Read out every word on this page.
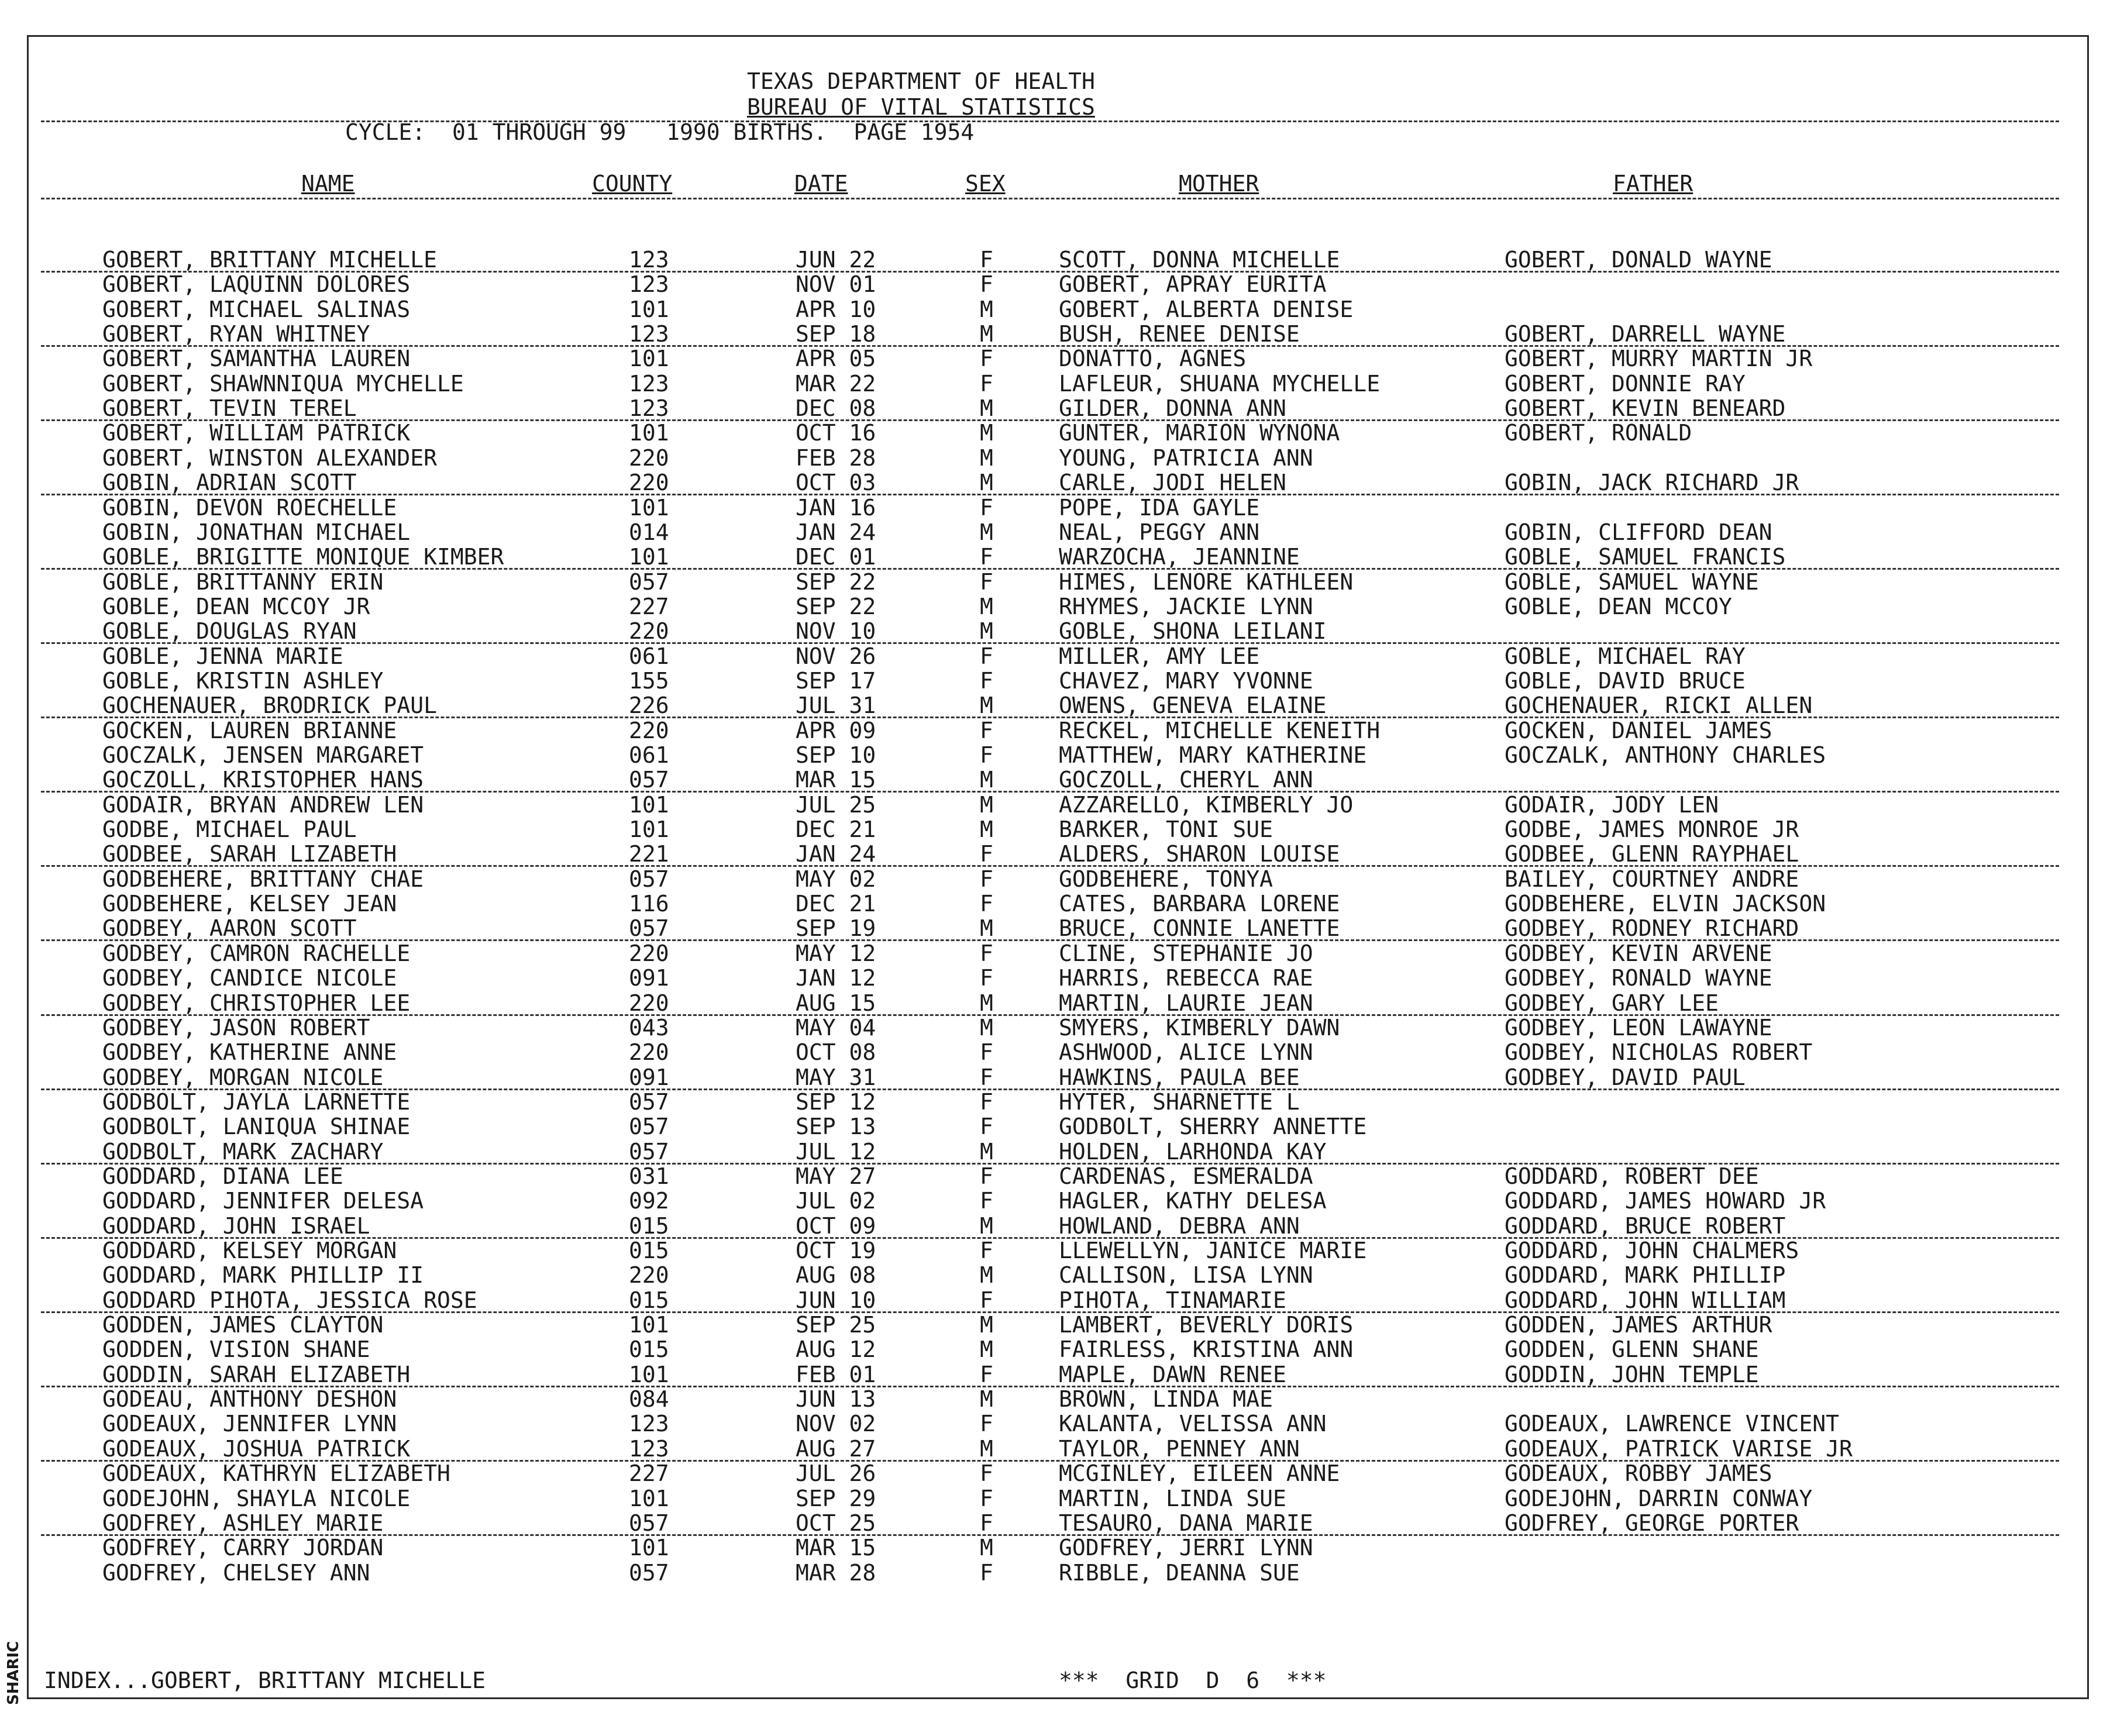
SHARIC
TEXAS DEPARTMENT OF HEALTH
BUREAU OF VITAL STATISTICS
CYCLE:  01 THROUGH 99   1990 BIRTHS.  PAGE 1954
NAME	COUNTY	DATE	SEX	MOTHER	FATHER
GOBERT, BRITTANY MICHELLE	123	JUN 22	F	SCOTT, DONNA MICHELLE	GOBERT, DONALD WAYNE
GOBERT, LAQUINN DOLORES	123	NOV 01	F	GOBERT, APRAY EURITA
GOBERT, MICHAEL SALINAS	101	APR 10	M	GOBERT, ALBERTA DENISE
GOBERT, RYAN WHITNEY	123	SEP 18	M	BUSH, RENEE DENISE	GOBERT, DARRELL WAYNE
GOBERT, SAMANTHA LAUREN	101	APR 05	F	DONATTO, AGNES	GOBERT, MURRY MARTIN JR
GOBERT, SHAWNNIQUA MYCHELLE	123	MAR 22	F	LAFLEUR, SHUANA MYCHELLE	GOBERT, DONNIE RAY
GOBERT, TEVIN TEREL	123	DEC 08	M	GILDER, DONNA ANN	GOBERT, KEVIN BENEARD
GOBERT, WILLIAM PATRICK	101	OCT 16	M	GUNTER, MARION WYNONA	GOBERT, RONALD
GOBERT, WINSTON ALEXANDER	220	FEB 28	M	YOUNG, PATRICIA ANN
GOBIN, ADRIAN SCOTT	220	OCT 03	M	CARLE, JODI HELEN	GOBIN, JACK RICHARD JR
GOBIN, DEVON ROECHELLE	101	JAN 16	F	POPE, IDA GAYLE
GOBIN, JONATHAN MICHAEL	014	JAN 24	M	NEAL, PEGGY ANN	GOBIN, CLIFFORD DEAN
GOBLE, BRIGITTE MONIQUE KIMBER	101	DEC 01	F	WARZOCHA, JEANNINE	GOBLE, SAMUEL FRANCIS
GOBLE, BRITTANNY ERIN	057	SEP 22	F	HIMES, LENORE KATHLEEN	GOBLE, SAMUEL WAYNE
GOBLE, DEAN MCCOY JR	227	SEP 22	M	RHYMES, JACKIE LYNN	GOBLE, DEAN MCCOY
GOBLE, DOUGLAS RYAN	220	NOV 10	M	GOBLE, SHONA LEILANI
GOBLE, JENNA MARIE	061	NOV 26	F	MILLER, AMY LEE	GOBLE, MICHAEL RAY
GOBLE, KRISTIN ASHLEY	155	SEP 17	F	CHAVEZ, MARY YVONNE	GOBLE, DAVID BRUCE
GOCHENAUER, BRODRICK PAUL	226	JUL 31	M	OWENS, GENEVA ELAINE	GOCHENAUER, RICKI ALLEN
GOCKEN, LAUREN BRIANNE	220	APR 09	F	RECKEL, MICHELLE KENEITH	GOCKEN, DANIEL JAMES
GOCZALK, JENSEN MARGARET	061	SEP 10	F	MATTHEW, MARY KATHERINE	GOCZALK, ANTHONY CHARLES
GOCZOLL, KRISTOPHER HANS	057	MAR 15	M	GOCZOLL, CHERYL ANN
GODAIR, BRYAN ANDREW LEN	101	JUL 25	M	AZZARELLO, KIMBERLY JO	GODAIR, JODY LEN
GODBE, MICHAEL PAUL	101	DEC 21	M	BARKER, TONI SUE	GODBE, JAMES MONROE JR
GODBEE, SARAH LIZABETH	221	JAN 24	F	ALDERS, SHARON LOUISE	GODBEE, GLENN RAYPHAEL
GODBEHERE, BRITTANY CHAE	057	MAY 02	F	GODBEHERE, TONYA	BAILEY, COURTNEY ANDRE
GODBEHERE, KELSEY JEAN	116	DEC 21	F	CATES, BARBARA LORENE	GODBEHERE, ELVIN JACKSON
GODBEY, AARON SCOTT	057	SEP 19	M	BRUCE, CONNIE LANETTE	GODBEY, RODNEY RICHARD
GODBEY, CAMRON RACHELLE	220	MAY 12	F	CLINE, STEPHANIE JO	GODBEY, KEVIN ARVENE
GODBEY, CANDICE NICOLE	091	JAN 12	F	HARRIS, REBECCA RAE	GODBEY, RONALD WAYNE
GODBEY, CHRISTOPHER LEE	220	AUG 15	M	MARTIN, LAURIE JEAN	GODBEY, GARY LEE
GODBEY, JASON ROBERT	043	MAY 04	M	SMYERS, KIMBERLY DAWN	GODBEY, LEON LAWAYNE
GODBEY, KATHERINE ANNE	220	OCT 08	F	ASHWOOD, ALICE LYNN	GODBEY, NICHOLAS ROBERT
GODBEY, MORGAN NICOLE	091	MAY 31	F	HAWKINS, PAULA BEE	GODBEY, DAVID PAUL
GODBOLT, JAYLA LARNETTE	057	SEP 12	F	HYTER, SHARNETTE L
GODBOLT, LANIQUA SHINAE	057	SEP 13	F	GODBOLT, SHERRY ANNETTE
GODBOLT, MARK ZACHARY	057	JUL 12	M	HOLDEN, LARHONDA KAY
GODDARD, DIANA LEE	031	MAY 27	F	CARDENAS, ESMERALDA	GODDARD, ROBERT DEE
GODDARD, JENNIFER DELESA	092	JUL 02	F	HAGLER, KATHY DELESA	GODDARD, JAMES HOWARD JR
GODDARD, JOHN ISRAEL	015	OCT 09	M	HOWLAND, DEBRA ANN	GODDARD, BRUCE ROBERT
GODDARD, KELSEY MORGAN	015	OCT 19	F	LLEWELLYN, JANICE MARIE	GODDARD, JOHN CHALMERS
GODDARD, MARK PHILLIP II	220	AUG 08	M	CALLISON, LISA LYNN	GODDARD, MARK PHILLIP
GODDARD PIHOTA, JESSICA ROSE	015	JUN 10	F	PIHOTA, TINAMARIE	GODDARD, JOHN WILLIAM
GODDEN, JAMES CLAYTON	101	SEP 25	M	LAMBERT, BEVERLY DORIS	GODDEN, JAMES ARTHUR
GODDEN, VISION SHANE	015	AUG 12	M	FAIRLESS, KRISTINA ANN	GODDEN, GLENN SHANE
GODDIN, SARAH ELIZABETH	101	FEB 01	F	MAPLE, DAWN RENEE	GODDIN, JOHN TEMPLE
GODEAU, ANTHONY DESHON	084	JUN 13	M	BROWN, LINDA MAE
GODEAUX, JENNIFER LYNN	123	NOV 02	F	KALANTA, VELISSA ANN	GODEAUX, LAWRENCE VINCENT
GODEAUX, JOSHUA PATRICK	123	AUG 27	M	TAYLOR, PENNEY ANN	GODEAUX, PATRICK VARISE JR
GODEAUX, KATHRYN ELIZABETH	227	JUL 26	F	MCGINLEY, EILEEN ANNE	GODEAUX, ROBBY JAMES
GODEJOHN, SHAYLA NICOLE	101	SEP 29	F	MARTIN, LINDA SUE	GODEJOHN, DARRIN CONWAY
GODFREY, ASHLEY MARIE	057	OCT 25	F	TESAURO, DANA MARIE	GODFREY, GEORGE PORTER
GODFREY, CARRY JORDAN	101	MAR 15	M	GODFREY, JERRI LYNN
GODFREY, CHELSEY ANN	057	MAR 28	F	RIBBLE, DEANNA SUE
INDEX...GOBERT, BRITTANY MICHELLE	***  GRID  D  6  ***
